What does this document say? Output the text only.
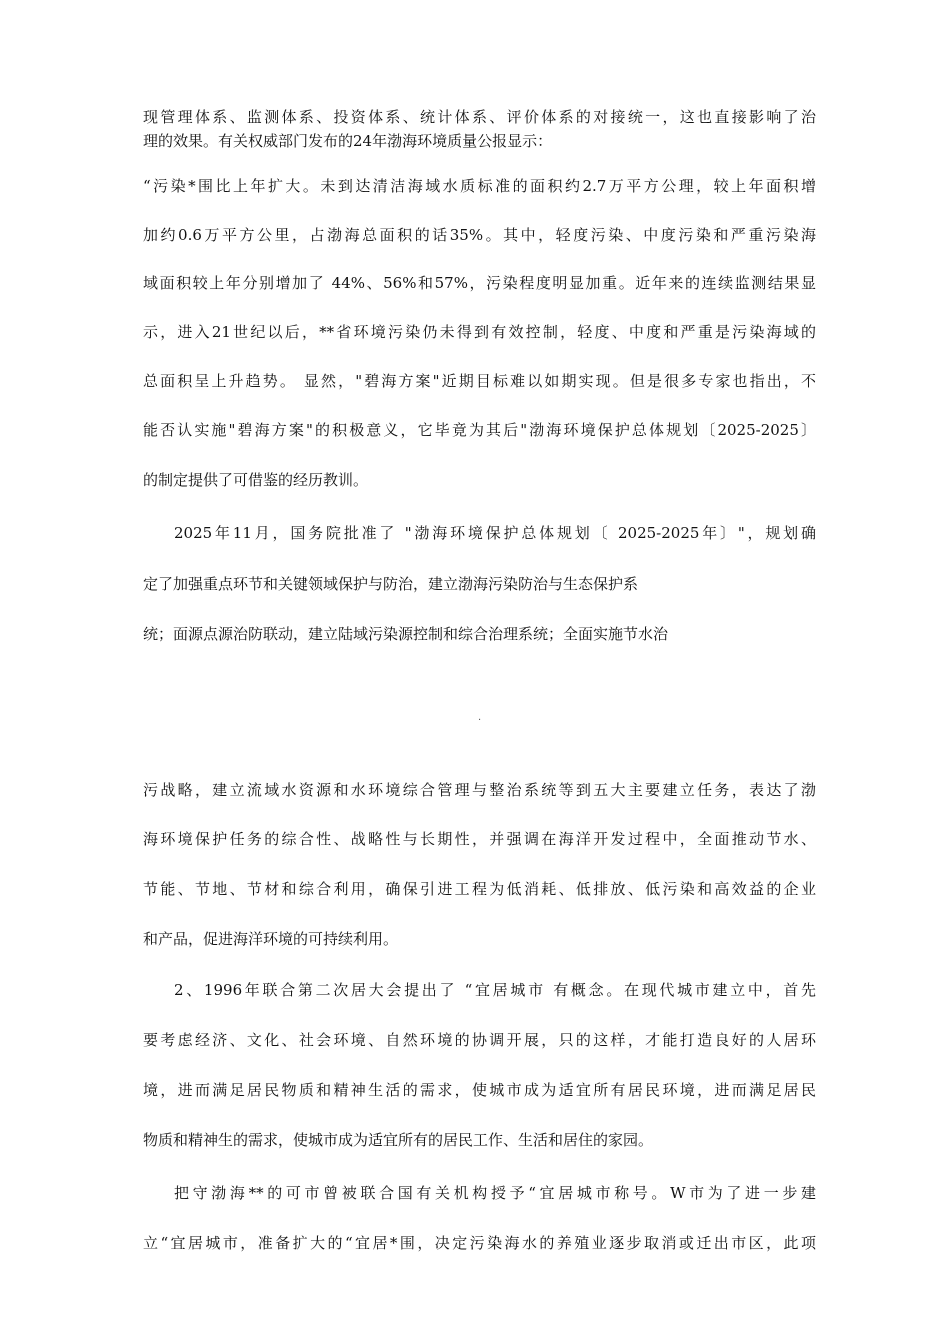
现管理体系、监测体系、投资体系、统计体系、评价体系的对接统一，这也直接影响了治

理的效果。有关权威部门发布的24年渤海环境质量公报显示：

“污染*围比上年扩大。未到达清洁海域水质标准的面积约2.7万平方公理，较上年面积增

加约0.6万平方公里，占渤海总面积的话35%。其中，轻度污染、中度污染和严重污染海

域面积较上年分别增加了 44%、56%和57%，污染程度明显加重。近年来的连续监测结果显

示，进入21世纪以后，**省环境污染仍未得到有效控制，轻度、中度和严重是污染海域的

总面积呈上升趋势。 显然，"碧海方案"近期目标难以如期实现。但是很多专家也指出，不

能否认实施"碧海方案"的积极意义，它毕竟为其后"渤海环境保护总体规划〔2025-2025〕

的制定提供了可借鉴的经历教训。

2025年11月，国务院批准了 "渤海环境保护总体规划〔 2025-2025年〕"，规划确

定了加强重点环节和关键领域保护与防治，建立渤海污染防治与生态保护系

统；面源点源治防联动，建立陆域污染源控制和综合治理系统；全面实施节水治

.

污战略，建立流域水资源和水环境综合管理与整治系统等到五大主要建立任务，表达了渤

海环境保护任务的综合性、战略性与长期性，并强调在海洋开发过程中，全面推动节水、

节能、节地、节材和综合利用，确保引进工程为低消耗、低排放、低污染和高效益的企业

和产品，促进海洋环境的可持续利用。

2、1996年联合第二次居大会提出了 “宜居城市 有概念。在现代城市建立中，首先

要考虑经济、文化、社会环境、自然环境的协调开展，只的这样，才能打造良好的人居环

境，进而满足居民物质和精神生活的需求，使城市成为适宜所有居民环境，进而满足居民

物质和精神生的需求，使城市成为适宜所有的居民工作、生活和居住的家园。

把守渤海**的可市曾被联合国有关机构授予“宜居城市称号。W市为了进一步建

立“宜居城市，准备扩大的“宜居*围，决定污染海水的养殖业逐步取消或迁出市区，此项
